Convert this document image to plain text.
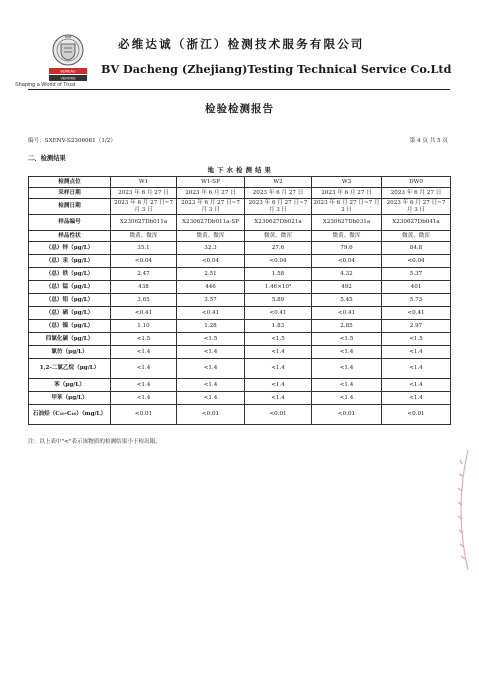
1828
BUREAU
VERITAS
Shaping a World of Trust
必维达诚（浙江）检测技术服务有限公司
BV Dacheng (Zhejiang)Testing Technical Service Co.Ltd
检验检测报告
编号：SXENV-S2306061（1/2）	第 4 页 共 5 页
二、检测结果
地 下 水 检 测 结 果
检测点位	W1	W1-SP	W2	W3	DW0
采样日期	2023 年 6 月 27 日	2023 年 6 月 27 日	2023 年 6 月 27 日	2023 年 6 月 27 日	2023 年 6 月 27 日
检测日期	2023 年 6 月 27 日~7 月 3 日	2023 年 6 月 27 日~7 月 3 日	2023 年 6 月 27 日~7 月 3 日	2023 年 6 月 27 日~7 月 3 日	2023 年 6 月 27 日~7 月 3 日
样品编号	X230627Db011a	X230627Db011a-SP	X230627Db021a	X230627Db031a	X230627Db041a
样品性状	微黄、微浑	微黄、微浑	微黄、微浑	微黄、微浑	微黄、微浑
（总）锌（μg/L）	35.1	32.3	27.6	79.6	84.8
（总）汞（μg/L）	<0.04	<0.04	<0.04	<0.04	<0.04
（总）铁（μg/L）	2.47	2.51	1.58	4.32	5.37
（总）锰（μg/L）	438	446	1.46×10³	492	401
（总）铝（μg/L）	3.65	3.57	5.89	5.45	5.73
（总）硒（μg/L）	<0.41	<0.41	<0.41	<0.41	<0.41
（总）镍（μg/L）	1.10	1.28	1.83	2.85	2.97
四氯化碳（μg/L）	<1.5	<1.5	<1.5	<1.5	<1.5
氯仿（μg/L）	<1.4	<1.4	<1.4	<1.4	<1.4
1,2-二氯乙烷（μg/L）	<1.4	<1.4	<1.4	<1.4	<1.4
苯（μg/L）	<1.4	<1.4	<1.4	<1.4	<1.4
甲苯（μg/L）	<1.4	<1.4	<1.4	<1.4	<1.4
石油烃（C₁₀-C₄₀）（mg/L）	<0.01	<0.01	<0.01	<0.01	<0.01
注：以上表中"<"表示该物质的检测结果小于检出限。
